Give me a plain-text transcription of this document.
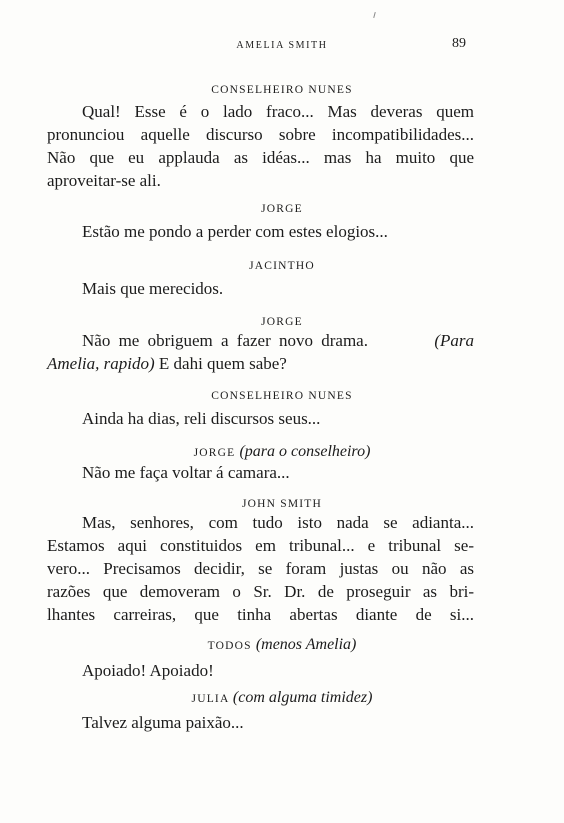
AMELIA SMITH	89
CONSELHEIRO NUNES
Qual! Esse é o lado fraco... Mas deveras quem
pronunciou aquelle discurso sobre incompatibilidades...
Não que eu applauda as idéas... mas ha muito que
aproveitar-se ali.
JORGE
Estão me pondo a perder com estes elogios...
JACINTHO
Mais que merecidos.
JORGE
Não me obriguem a fazer novo drama.	(Para
Amelia, rapido) E dahi quem sabe?
CONSELHEIRO NUNES
Ainda ha dias, reli discursos seus...
JORGE (para o conselheiro)
Não me faça voltar á camara...
JOHN SMITH
Mas, senhores, com tudo isto nada se adianta...
Estamos aqui constituidos em tribunal... e tribunal se-
vero... Precisamos decidir, se foram justas ou não as
razões que demoveram o Sr. Dr. de proseguir as bri-
lhantes carreiras, que tinha abertas diante de si...
TODOS (menos Amelia)
Apoiado! Apoiado!
JULIA (com alguma timidez)
Talvez alguma paixão...
